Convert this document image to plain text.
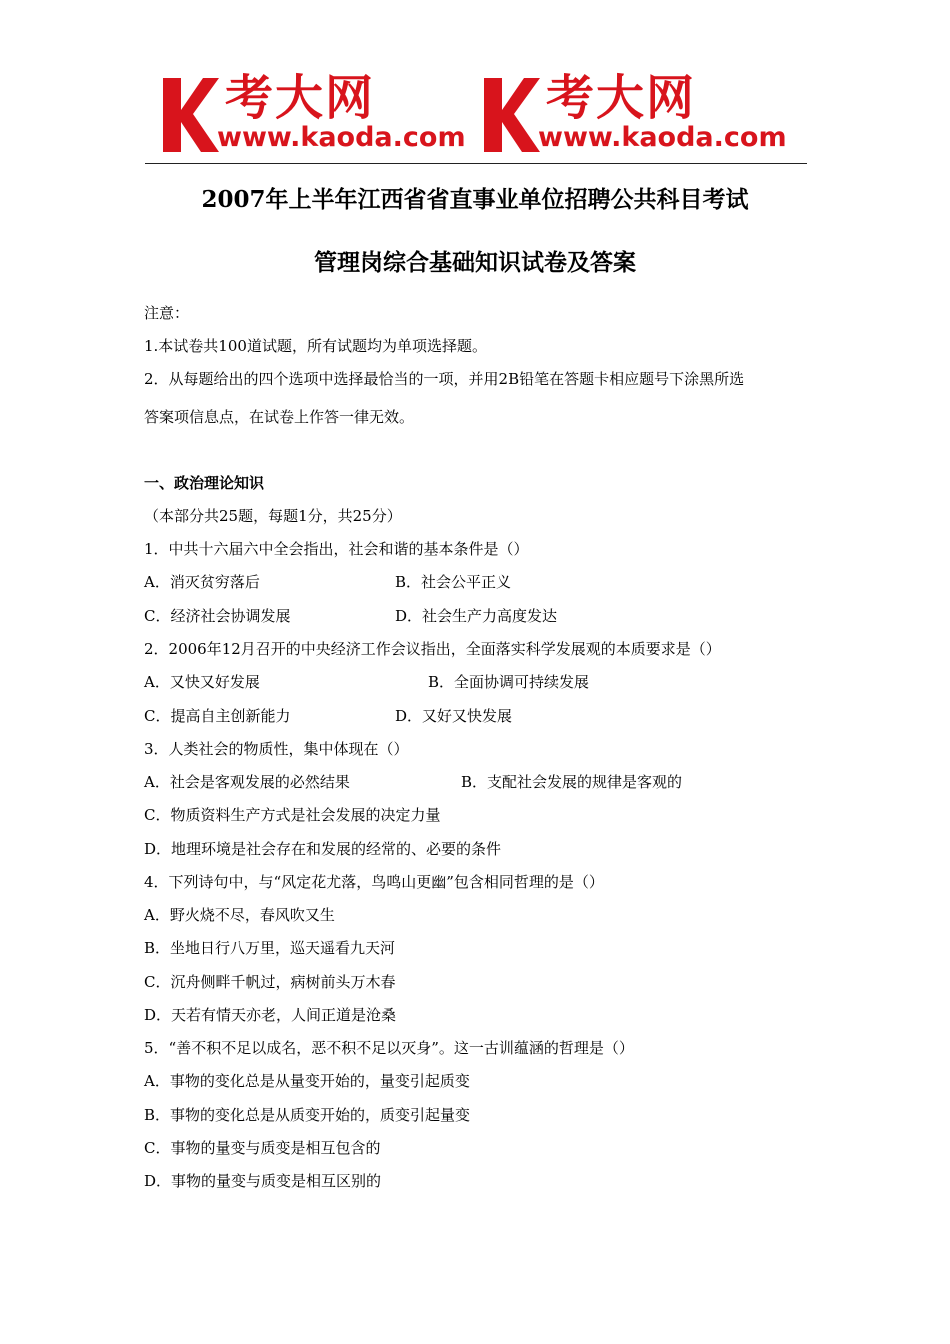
考大网
www.kaoda.com
考大网
www.kaoda.com
2007年上半年江西省省直事业单位招聘公共科目考试
管理岗综合基础知识试卷及答案
注意：
1.本试卷共100道试题，所有试题均为单项选择题。
2．从每题给出的四个选项中选择最恰当的一项，并用2B铅笔在答题卡相应题号下涂黑所选
答案项信息点，在试卷上作答一律无效。
一、政治理论知识
（本部分共25题，每题1分，共25分）
1．中共十六届六中全会指出，社会和谐的基本条件是（）
A．消灭贫穷落后	B．社会公平正义
C．经济社会协调发展	D．社会生产力高度发达
2．2006年12月召开的中央经济工作会议指出，全面落实科学发展观的本质要求是（）
A．又快又好发展	B．全面协调可持续发展
C．提高自主创新能力	D．又好又快发展
3．人类社会的物质性，集中体现在（）
A．社会是客观发展的必然结果	B．支配社会发展的规律是客观的
C．物质资料生产方式是社会发展的决定力量
D．地理环境是社会存在和发展的经常的、必要的条件
4．下列诗句中，与“风定花尤落，鸟鸣山更幽”包含相同哲理的是（）
A．野火烧不尽，春风吹又生
B．坐地日行八万里，巡天遥看九天河
C．沉舟侧畔千帆过，病树前头万木春
D．天若有情天亦老，人间正道是沧桑
5．“善不积不足以成名，恶不积不足以灭身”。这一古训蕴涵的哲理是（）
A．事物的变化总是从量变开始的，量变引起质变
B．事物的变化总是从质变开始的，质变引起量变
C．事物的量变与质变是相互包含的
D．事物的量变与质变是相互区别的
